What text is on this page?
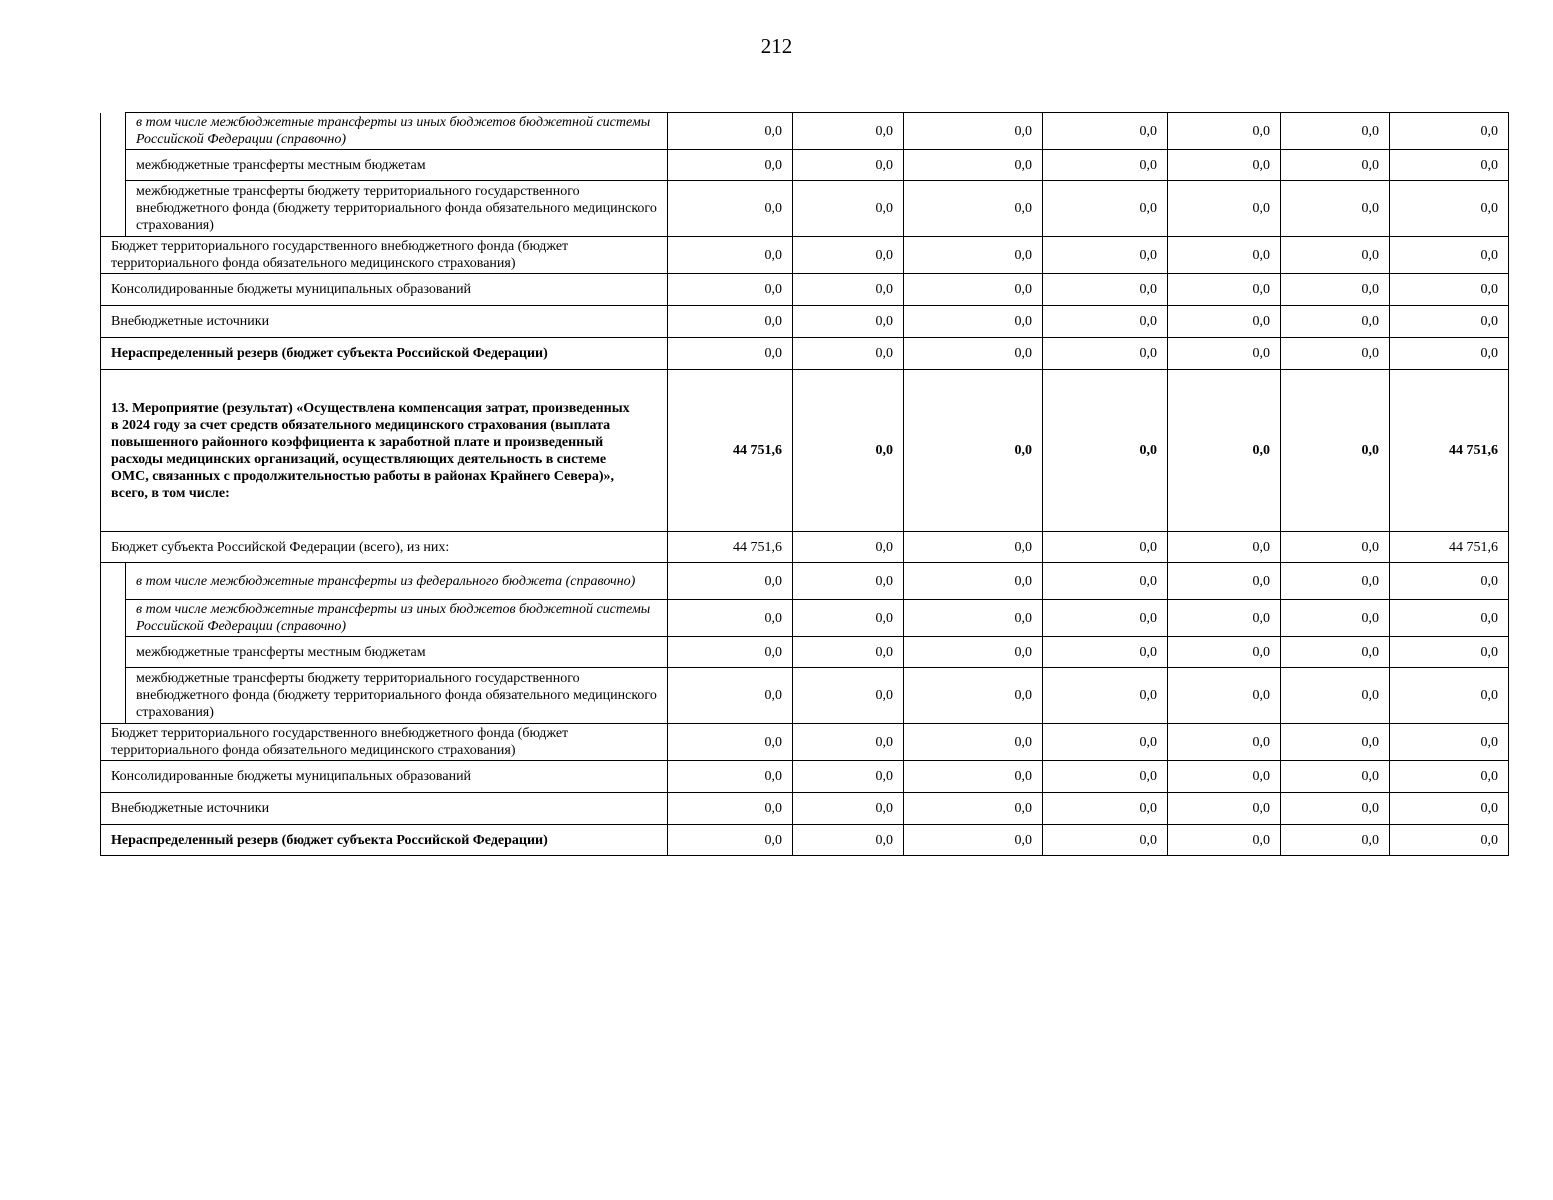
212
	в том числе межбюджетные трансферты из иных бюджетов бюджетной системы Российской Федерации (справочно)	0,0	0,0	0,0	0,0	0,0	0,0	0,0
	межбюджетные трансферты местным бюджетам	0,0	0,0	0,0	0,0	0,0	0,0	0,0
	межбюджетные трансферты бюджету территориального государственного внебюджетного фонда (бюджету территориального фонда обязательного медицинского страхования)	0,0	0,0	0,0	0,0	0,0	0,0	0,0
Бюджет территориального государственного внебюджетного фонда (бюджет территориального фонда обязательного медицинского страхования)		0,0	0,0	0,0	0,0	0,0	0,0	0,0
Консолидированные бюджеты муниципальных образований		0,0	0,0	0,0	0,0	0,0	0,0	0,0
Внебюджетные источники		0,0	0,0	0,0	0,0	0,0	0,0	0,0
Нераспределенный резерв (бюджет субъекта Российской Федерации)		0,0	0,0	0,0	0,0	0,0	0,0	0,0
13. Мероприятие (результат) «Осуществлена компенсация затрат, произведенных в 2024 году за счет средств обязательного медицинского страхования (выплата повышенного районного коэффициента к заработной плате и произведенный расходы медицинских организаций, осуществляющих деятельность в системе ОМС, связанных с продолжительностью работы в районах Крайнего Севера)», всего, в том числе:		44 751,6	0,0	0,0	0,0	0,0	0,0	44 751,6
Бюджет субъекта Российской Федерации (всего), из них:		44 751,6	0,0	0,0	0,0	0,0	0,0	44 751,6
	в том числе межбюджетные трансферты из федерального бюджета (справочно)	0,0	0,0	0,0	0,0	0,0	0,0	0,0
	в том числе межбюджетные трансферты из иных бюджетов бюджетной системы Российской Федерации (справочно)	0,0	0,0	0,0	0,0	0,0	0,0	0,0
	межбюджетные трансферты местным бюджетам	0,0	0,0	0,0	0,0	0,0	0,0	0,0
	межбюджетные трансферты бюджету территориального государственного внебюджетного фонда (бюджету территориального фонда обязательного медицинского страхования)	0,0	0,0	0,0	0,0	0,0	0,0	0,0
Бюджет территориального государственного внебюджетного фонда (бюджет территориального фонда обязательного медицинского страхования)		0,0	0,0	0,0	0,0	0,0	0,0	0,0
Консолидированные бюджеты муниципальных образований		0,0	0,0	0,0	0,0	0,0	0,0	0,0
Внебюджетные источники		0,0	0,0	0,0	0,0	0,0	0,0	0,0
Нераспределенный резерв (бюджет субъекта Российской Федерации)		0,0	0,0	0,0	0,0	0,0	0,0	0,0
